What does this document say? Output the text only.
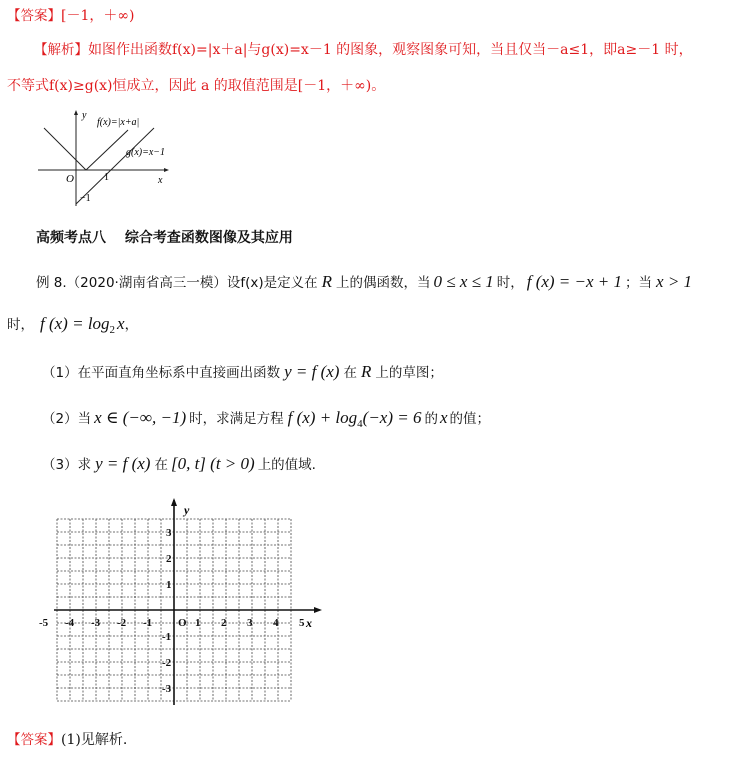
【答案】[－1，＋∞)
【解析】如图作出函数f(x)=|x＋a|与g(x)=x－1 的图象，观察图象可知，当且仅当－a≤1，即a≥－1 时，
不等式f(x)≥g(x)恒成立，因此 a 的取值范围是[－1，＋∞)。
y
x
O
f(x)=|x+a|
g(x)=x−1
1
−1
高频考点八　 综合考查函数图像及其应用
例 8.（2020·湖南省高三一模）设f(x)是定义在 R 上的偶函数，当 0 ≤ x ≤ 1 时， f (x) = −x + 1 ；当 x > 1
时， f $(x) = \log_2 x$，
（1）在平面直角坐标系中直接画出函数 y = f (x) 在 R 上的草图；
（2）当 x ∈ (−∞, −1) 时，求满足方程 f $(x) + \log_4(-x) = 6$ 的 x 的值；
（3）求 y = f (x) 在 [0, t] (t > 0) 上的值域.
-5 -4 -3 -2 -1 O 1 2 3 4 5
3
2
1
-1
-2
-3
x
y
【答案】(1)见解析.
